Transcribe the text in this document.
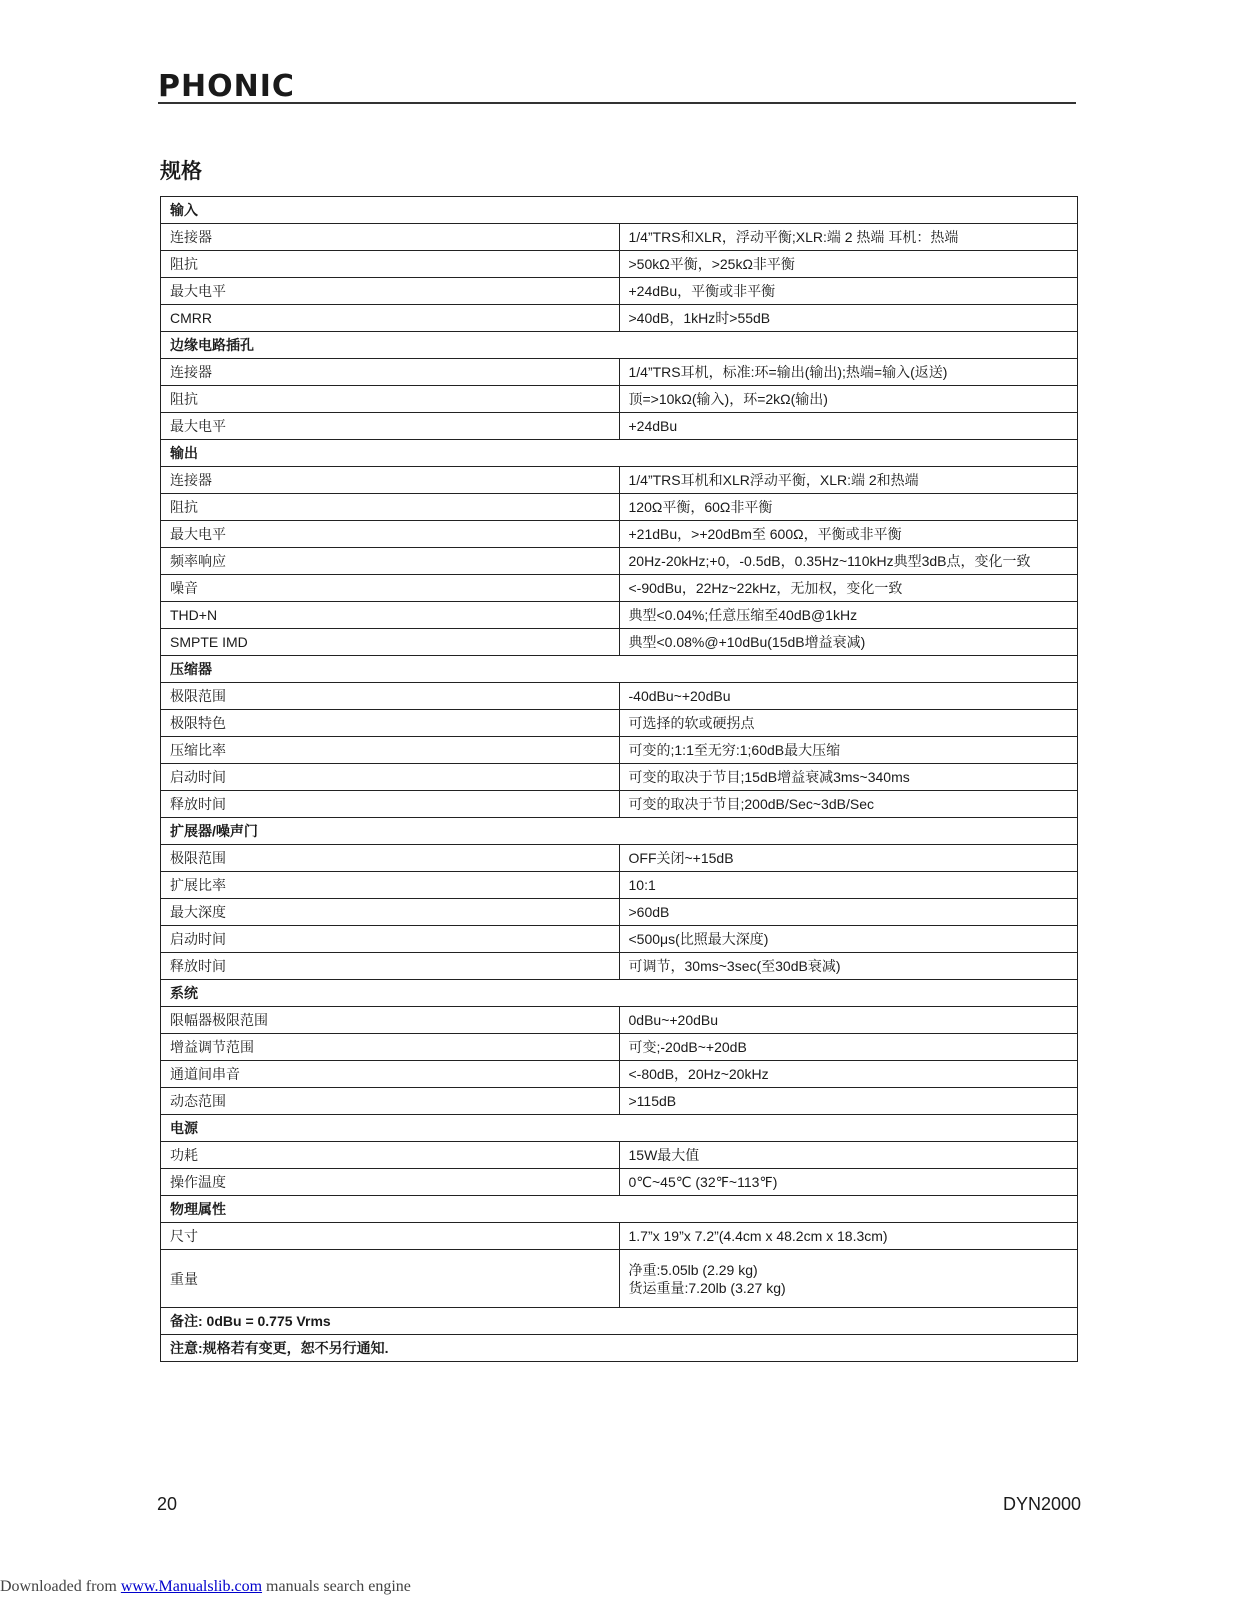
PHONIC
规格
输入	
连接器	1/4”TRS和XLR，浮动平衡;XLR:端 2 热端 耳机：热端

阻抗	>50kΩ平衡，>25kΩ非平衡

最大电平	+24dBu，平衡或非平衡

CMRR	>40dB，1kHz时>55dB

边缘电路插孔	
连接器	1/4”TRS耳机，标准:环=输出(输出);热端=输入(返送)

阻抗	顶=>10kΩ(输入)，环=2kΩ(输出)

最大电平	+24dBu

输出	
连接器	1/4”TRS耳机和XLR浮动平衡，XLR:端 2和热端

阻抗	120Ω平衡，60Ω非平衡

最大电平	+21dBu，>+20dBm至 600Ω，平衡或非平衡

频率响应	20Hz-20kHz;+0，-0.5dB，0.35Hz~110kHz典型3dB点，变化一致

噪音	<-90dBu，22Hz~22kHz，无加权，变化一致

THD+N	典型<0.04%;任意压缩至40dB@1kHz

SMPTE IMD	典型<0.08%@+10dBu(15dB增益衰减)

压缩器	
极限范围	-40dBu~+20dBu

极限特色	可选择的软或硬拐点

压缩比率	可变的;1:1至无穷:1;60dB最大压缩

启动时间	可变的取决于节目;15dB增益衰减3ms~340ms

释放时间	可变的取决于节目;200dB/Sec~3dB/Sec

扩展器/噪声门	
极限范围	OFF关闭~+15dB

扩展比率	10:1

最大深度	>60dB

启动时间	<500μs(比照最大深度)

释放时间	可调节，30ms~3sec(至30dB衰减)

系统	
限幅器极限范围	0dBu~+20dBu

增益调节范围	可变;-20dB~+20dB

通道间串音	<-80dB，20Hz~20kHz

动态范围	>115dB

电源	
功耗	15W最大值

操作温度	0℃~45℃ (32℉~113℉)

物理属性	
尺寸	1.7”x 19”x 7.2”(4.4cm x 48.2cm x 18.3cm)

重量	净重:5.05lb (2.29 kg)
货运重量:7.20lb (3.27 kg)

备注: 0dBu = 0.775 Vrms	
注意:规格若有变更，恕不另行通知.	
20	DYN2000
Downloaded from www.Manualslib.com manuals search engine
